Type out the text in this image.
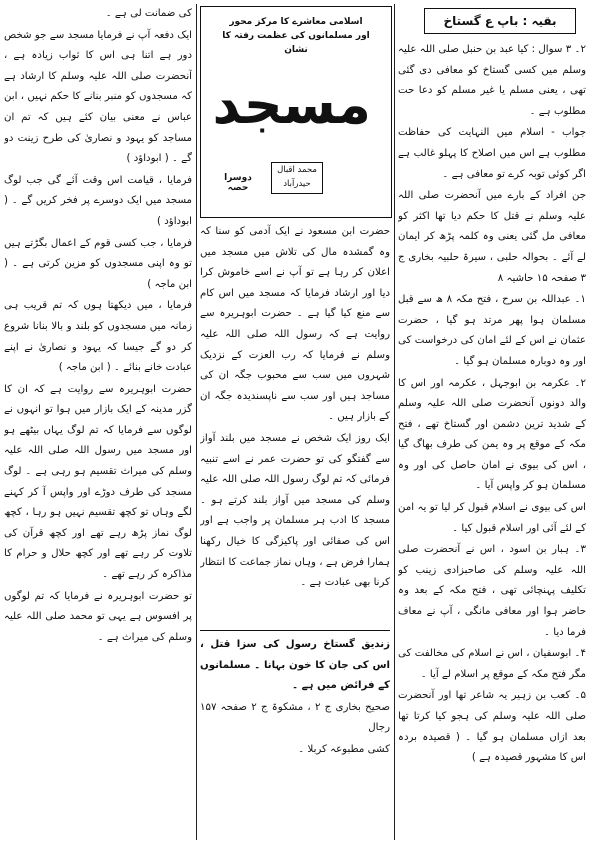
بقیہ : باپ ع گستاخ

۲۔ ۳ سوال : کیا عبد بن حنبل صلی اللہ علیہ وسلم میں کسی گستاخ کو معافی دی گئی تھی ، یعنی مسلم یا غیر مسلم کو دعا حت مطلوب ہے ۔

جواب - اسلام میں النہایت کی حفاظت مطلوب ہے اس میں اصلاح کا پہلو غالب ہے اگر کوئی توبہ کرے تو معافی ہے ۔

جن افراد کے بارے میں آنحضرت صلی اللہ علیہ وسلم نے قتل کا حکم دیا تھا اکثر کو معافی مل گئی یعنی وہ کلمہ پڑھ کر ایمان لے آئے ۔ بحوالہ حلبی ، سیرۃ حلبیہ بخاری ج ۳ صفحہ ۱۵ حاشیہ ۸

۱۔ عبداللہ بن سرح ، فتح مکہ ۸ ھ سے قبل مسلمان ہوا پھر مرتد ہو گیا ، حضرت عثمان نے اس کے لئے امان کی درخواست کی اور وہ دوبارہ مسلمان ہو گیا ۔

۲۔ عکرمہ بن ابوجہل ، عکرمہ اور اس کا والد دونوں آنحضرت صلی اللہ علیہ وسلم کے شدید ترین دشمن اور گستاخ تھے ، فتح مکہ کے موقع پر وہ یمن کی طرف بھاگ گیا ، اس کی بیوی نے امان حاصل کی اور وہ مسلمان ہو کر واپس آیا ۔

اس کی بیوی نے اسلام قبول کر لیا تو یہ امن کے لئے آئی اور اسلام قبول کیا ۔

۳۔ ہبار بن اسود ، اس نے آنحضرت صلی اللہ علیہ وسلم کی صاحبزادی زینب کو تکلیف پہنچائی تھی ، فتح مکہ کے بعد وہ حاضر ہوا اور معافی مانگی ، آپ نے معاف فرما دیا ۔

۴۔ ابوسفیان ، اس نے اسلام کی مخالفت کی مگر فتح مکہ کے موقع پر اسلام لے آیا ۔

۵۔ کعب بن زہیر یہ شاعر تھا اور آنحضرت صلی اللہ علیہ وسلم کی ہجو کیا کرتا تھا بعد ازاں مسلمان ہو گیا ۔ ( قصیدہ بردہ اس کا مشہور قصیدہ ہے )

اسلامی معاشرے کا مرکز محور اور مسلمانوں کی عظمت رفتہ کا نشان
مسجد
محمد اقبال حیدرآباد
دوسرا حصہ

حضرت ابن مسعود نے ایک آدمی کو سنا کہ وہ گمشدہ مال کی تلاش میں مسجد میں اعلان کر رہا ہے تو آپ نے اسے خاموش کرا دیا اور ارشاد فرمایا کہ مسجد میں اس کام سے منع کیا گیا ہے ۔ حضرت ابوہریرہ سے روایت ہے کہ رسول اللہ صلی اللہ علیہ وسلم نے فرمایا کہ رب العزت کے نزدیک شہروں میں سب سے محبوب جگہ ان کی مساجد ہیں اور سب سے ناپسندیدہ جگہ ان کے بازار ہیں ۔

ایک روز ایک شخص نے مسجد میں بلند آواز سے گفتگو کی تو حضرت عمر نے اسے تنبیہ فرمائی کہ تم لوگ رسول اللہ صلی اللہ علیہ وسلم کی مسجد میں آواز بلند کرتے ہو ۔ مسجد کا ادب ہر مسلمان پر واجب ہے اور اس کی صفائی اور پاکیزگی کا خیال رکھنا ہمارا فرض ہے ، وہاں نماز جماعت کا انتظار کرنا بھی عبادت ہے ۔

زندیق گستاخ رسول کی سزا قتل ، اس کی جان کا خون بہانا ۔ مسلمانوں کے فرائض میں ہے ۔

صحیح بخاری ج ۲ ، مشکوۃ ج ۲ صفحہ ۱۵۷ رجال

کشی مطبوعہ کربلا ۔

کی ضمانت لی ہے ۔

ایک دفعہ آپ نے فرمایا مسجد سے جو شخص دور ہے اتنا ہی اس کا ثواب زیادہ ہے ، آنحضرت صلی اللہ علیہ وسلم کا ارشاد ہے کہ مسجدوں کو منبر بنانے کا حکم نہیں ، ابن عباس نے معنی بیان کئے ہیں کہ تم ان مساجد کو یہود و نصاریٰ کی طرح زینت دو گے ۔ ( ابوداؤد )

فرمایا ، قیامت اس وقت آئے گی جب لوگ مسجد میں ایک دوسرے پر فخر کریں گے ۔ ( ابوداؤد )

فرمایا ، جب کسی قوم کے اعمال بگڑتے ہیں تو وہ اپنی مسجدوں کو مزین کرتی ہے ۔ ( ابن ماجہ )

فرمایا ، میں دیکھتا ہوں کہ تم قریب ہی زمانہ میں مسجدوں کو بلند و بالا بنانا شروع کر دو گے جیسا کہ یہود و نصاریٰ نے اپنے عبادت خانے بنائے ۔ ( ابن ماجہ )

حضرت ابوہریرہ سے روایت ہے کہ ان کا گزر مدینہ کے ایک بازار میں ہوا تو انہوں نے لوگوں سے فرمایا کہ تم لوگ یہاں بیٹھے ہو اور مسجد میں رسول اللہ صلی اللہ علیہ وسلم کی میراث تقسیم ہو رہی ہے ۔ لوگ مسجد کی طرف دوڑے اور واپس آ کر کہنے لگے وہاں تو کچھ تقسیم نہیں ہو رہا ، کچھ لوگ نماز پڑھ رہے تھے اور کچھ قرآن کی تلاوت کر رہے تھے اور کچھ حلال و حرام کا مذاکرہ کر رہے تھے ۔

تو حضرت ابوہریرہ نے فرمایا کہ تم لوگوں پر افسوس ہے یہی تو محمد صلی اللہ علیہ وسلم کی میراث ہے ۔
